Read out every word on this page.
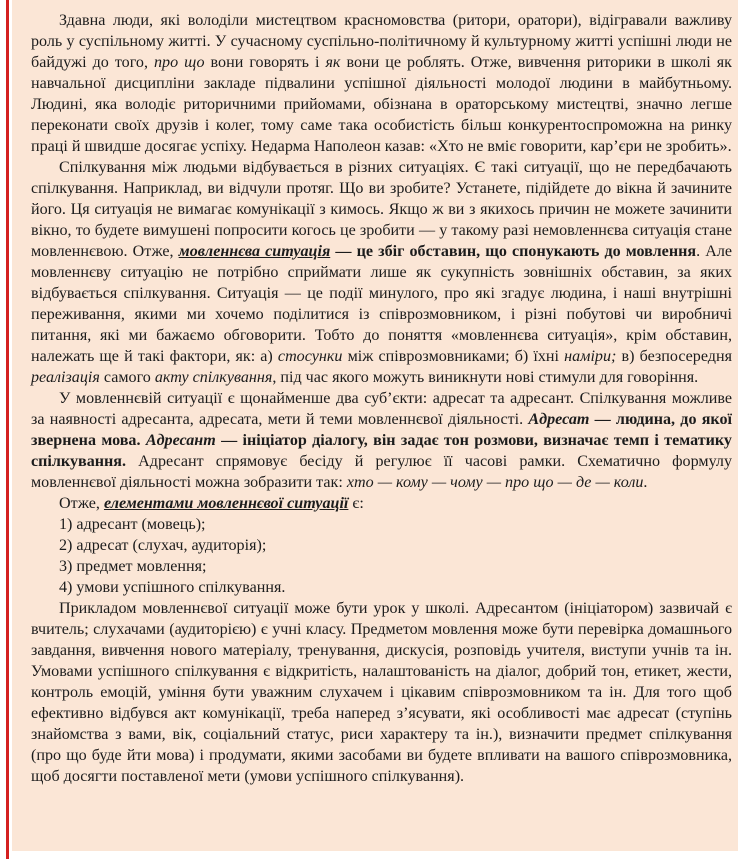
Здавна люди, які володіли мистецтвом красномовства (ритори, оратори), відігравали важливу роль у суспільному житті. У сучасному суспільно-політичному й культурному житті успішні люди не байдужі до того, про що вони говорять і як вони це роблять. Отже, вивчення риторики в школі як навчальної дисципліни закладе підвалини успішної діяльності молодої людини в майбутньому. Людині, яка володіє риторичними прийомами, обізнана в ораторському мистецтві, значно легше переконати своїх друзів і колег, тому саме така особистість більш конкурентоспроможна на ринку праці й швидше досягає успіху. Недарма Наполеон казав: «Хто не вміє говорити, кар’єри не зробить».

Спілкування між людьми відбувається в різних ситуаціях. Є такі ситуації, що не передбачають спілкування. Наприклад, ви відчули протяг. Що ви зробите? Устанете, підійдете до вікна й зачините його. Ця ситуація не вимагає комунікації з кимось. Якщо ж ви з якихось причин не можете зачинити вікно, то будете вимушені попросити когось це зробити — у такому разі немовленнєва ситуація стане мовленнєвою. Отже, мовленнєва ситуація — це збіг обставин, що спонукають до мовлення. Але мовленнєву ситуацію не потрібно сприймати лише як сукупність зовнішніх обставин, за яких відбувається спілкування. Ситуація — це події минулого, про які згадує людина, і наші внутрішні переживання, якими ми хочемо поділитися із співрозмовником, і різні побутові чи виробничі питання, які ми бажаємо обговорити. Тобто до поняття «мовленнєва ситуація», крім обставин, належать ще й такі фактори, як: а) стосунки між співрозмовниками; б) їхні наміри; в) безпосередня реалізація самого акту спілкування, під час якого можуть виникнути нові стимули для говоріння.

У мовленнєвій ситуації є щонайменше два суб’єкти: адресат та адресант. Спілкування можливе за наявності адресанта, адресата, мети й теми мовленнєвої діяльності. Адресат — людина, до якої звернена мова. Адресант — ініціатор діалогу, він задає тон розмови, визначає темп і тематику спілкування. Адресант спрямовує бесіду й регулює її часові рамки. Схематично формулу мовленнєвої діяльності можна зобразити так: хто — кому — чому — про що — де — коли.

Отже, елементами мовленнєвої ситуації є:

1) адресант (мовець);

2) адресат (слухач, аудиторія);

3) предмет мовлення;

4) умови успішного спілкування.

Прикладом мовленнєвої ситуації може бути урок у школі. Адресантом (ініціатором) зазвичай є вчитель; слухачами (аудиторією) є учні класу. Предметом мовлення може бути перевірка домашнього завдання, вивчення нового матеріалу, тренування, дискусія, розповідь учителя, виступи учнів та ін. Умовами успішного спілкування є відкритість, налаштованість на діалог, добрий тон, етикет, жести, контроль емоцій, уміння бути уважним слухачем і цікавим співрозмовником та ін. Для того щоб ефективно відбувся акт комунікації, треба наперед з’ясувати, які особливості має адресат (ступінь знайомства з вами, вік, соціальний статус, риси характеру та ін.), визначити предмет спілкування (про що буде йти мова) і продумати, якими засобами ви будете впливати на вашого співрозмовника, щоб досягти поставленої мети (умови успішного спілкування).
